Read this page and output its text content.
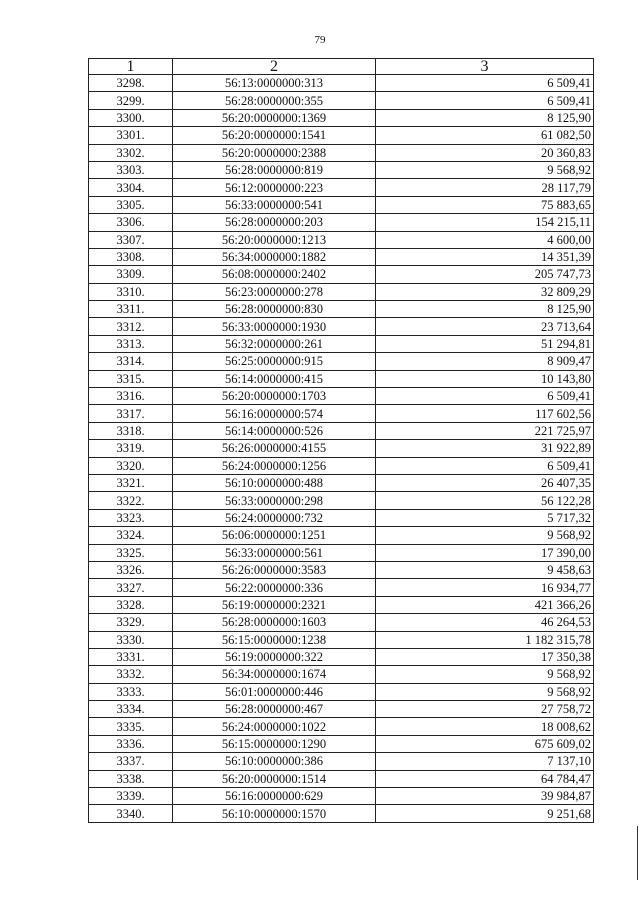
79
1	2	3
3298.	56:13:0000000:313	6 509,41
3299.	56:28:0000000:355	6 509,41
3300.	56:20:0000000:1369	8 125,90
3301.	56:20:0000000:1541	61 082,50
3302.	56:20:0000000:2388	20 360,83
3303.	56:28:0000000:819	9 568,92
3304.	56:12:0000000:223	28 117,79
3305.	56:33:0000000:541	75 883,65
3306.	56:28:0000000:203	154 215,11
3307.	56:20:0000000:1213	4 600,00
3308.	56:34:0000000:1882	14 351,39
3309.	56:08:0000000:2402	205 747,73
3310.	56:23:0000000:278	32 809,29
3311.	56:28:0000000:830	8 125,90
3312.	56:33:0000000:1930	23 713,64
3313.	56:32:0000000:261	51 294,81
3314.	56:25:0000000:915	8 909,47
3315.	56:14:0000000:415	10 143,80
3316.	56:20:0000000:1703	6 509,41
3317.	56:16:0000000:574	117 602,56
3318.	56:14:0000000:526	221 725,97
3319.	56:26:0000000:4155	31 922,89
3320.	56:24:0000000:1256	6 509,41
3321.	56:10:0000000:488	26 407,35
3322.	56:33:0000000:298	56 122,28
3323.	56:24:0000000:732	5 717,32
3324.	56:06:0000000:1251	9 568,92
3325.	56:33:0000000:561	17 390,00
3326.	56:26:0000000:3583	9 458,63
3327.	56:22:0000000:336	16 934,77
3328.	56:19:0000000:2321	421 366,26
3329.	56:28:0000000:1603	46 264,53
3330.	56:15:0000000:1238	1 182 315,78
3331.	56:19:0000000:322	17 350,38
3332.	56:34:0000000:1674	9 568,92
3333.	56:01:0000000:446	9 568,92
3334.	56:28:0000000:467	27 758,72
3335.	56:24:0000000:1022	18 008,62
3336.	56:15:0000000:1290	675 609,02
3337.	56:10:0000000:386	7 137,10
3338.	56:20:0000000:1514	64 784,47
3339.	56:16:0000000:629	39 984,87
3340.	56:10:0000000:1570	9 251,68
